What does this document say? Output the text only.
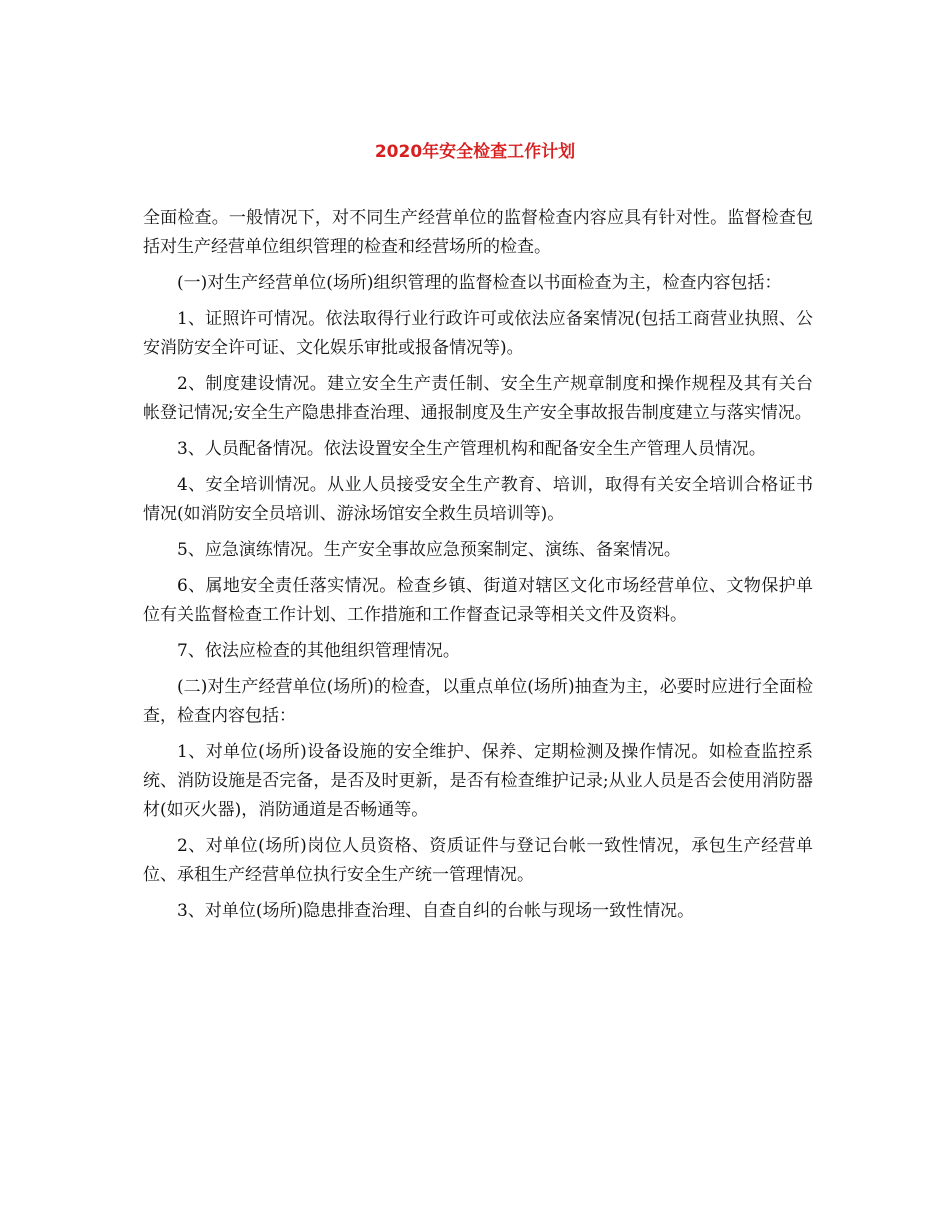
2020年安全检查工作计划

全面检查。一般情况下，对不同生产经营单位的监督检查内容应具有针对性。监督检查包括对生产经营单位组织管理的检查和经营场所的检查。

(一)对生产经营单位(场所)组织管理的监督检查以书面检查为主，检查内容包括：

1、证照许可情况。依法取得行业行政许可或依法应备案情况(包括工商营业执照、公安消防安全许可证、文化娱乐审批或报备情况等)。

2、制度建设情况。建立安全生产责任制、安全生产规章制度和操作规程及其有关台帐登记情况;安全生产隐患排查治理、通报制度及生产安全事故报告制度建立与落实情况。

3、人员配备情况。依法设置安全生产管理机构和配备安全生产管理人员情况。

4、安全培训情况。从业人员接受安全生产教育、培训，取得有关安全培训合格证书情况(如消防安全员培训、游泳场馆安全救生员培训等)。

5、应急演练情况。生产安全事故应急预案制定、演练、备案情况。

6、属地安全责任落实情况。检查乡镇、街道对辖区文化市场经营单位、文物保护单位有关监督检查工作计划、工作措施和工作督查记录等相关文件及资料。

7、依法应检查的其他组织管理情况。

(二)对生产经营单位(场所)的检查，以重点单位(场所)抽查为主，必要时应进行全面检查，检查内容包括：

1、对单位(场所)设备设施的安全维护、保养、定期检测及操作情况。如检查监控系统、消防设施是否完备，是否及时更新，是否有检查维护记录;从业人员是否会使用消防器材(如灭火器)，消防通道是否畅通等。

2、对单位(场所)岗位人员资格、资质证件与登记台帐一致性情况，承包生产经营单位、承租生产经营单位执行安全生产统一管理情况。

3、对单位(场所)隐患排查治理、自查自纠的台帐与现场一致性情况。
